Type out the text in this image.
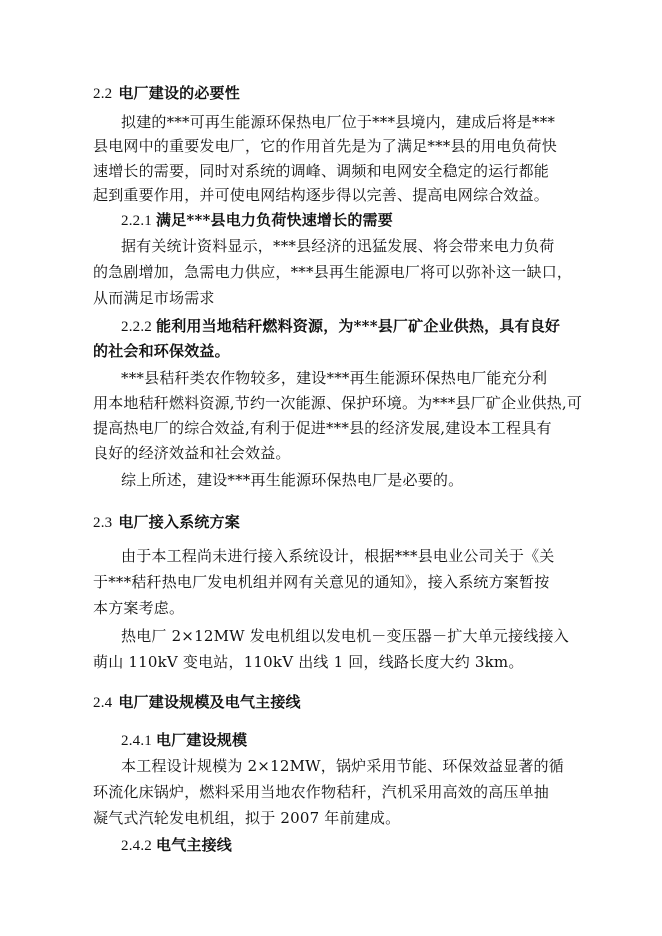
2.2 电厂建设的必要性
拟建的***可再生能源环保热电厂位于***县境内，建成后将是***
县电网中的重要发电厂，它的作用首先是为了满足***县的用电负荷快
速增长的需要，同时对系统的调峰、调频和电网安全稳定的运行都能
起到重要作用，并可使电网结构逐步得以完善、提高电网综合效益。
2.2.1 满足***县电力负荷快速增长的需要
据有关统计资料显示，***县经济的迅猛发展、将会带来电力负荷
的急剧增加，急需电力供应，***县再生能源电厂将可以弥补这一缺口，
从而满足市场需求
2.2.2 能利用当地秸秆燃料资源，为***县厂矿企业供热，具有良好
的社会和环保效益。
***县秸秆类农作物较多，建设***再生能源环保热电厂能充分利
用本地秸秆燃料资源,节约一次能源、保护环境。为***县厂矿企业供热,可
提高热电厂的综合效益,有利于促进***县的经济发展,建设本工程具有
良好的经济效益和社会效益。
综上所述，建设***再生能源环保热电厂是必要的。
2.3 电厂接入系统方案
由于本工程尚未进行接入系统设计，根据***县电业公司关于《关
于***秸秆热电厂发电机组并网有关意见的通知》，接入系统方案暂按
本方案考虑。
热电厂 2×12MW 发电机组以发电机－变压器－扩大单元接线接入
萌山 110kV 变电站，110kV 出线 1 回，线路长度大约 3km。
2.4 电厂建设规模及电气主接线
2.4.1 电厂建设规模
本工程设计规模为 2×12MW，锅炉采用节能、环保效益显著的循
环流化床锅炉，燃料采用当地农作物秸秆，汽机采用高效的高压单抽
凝气式汽轮发电机组，拟于 2007 年前建成。
2.4.2 电气主接线
